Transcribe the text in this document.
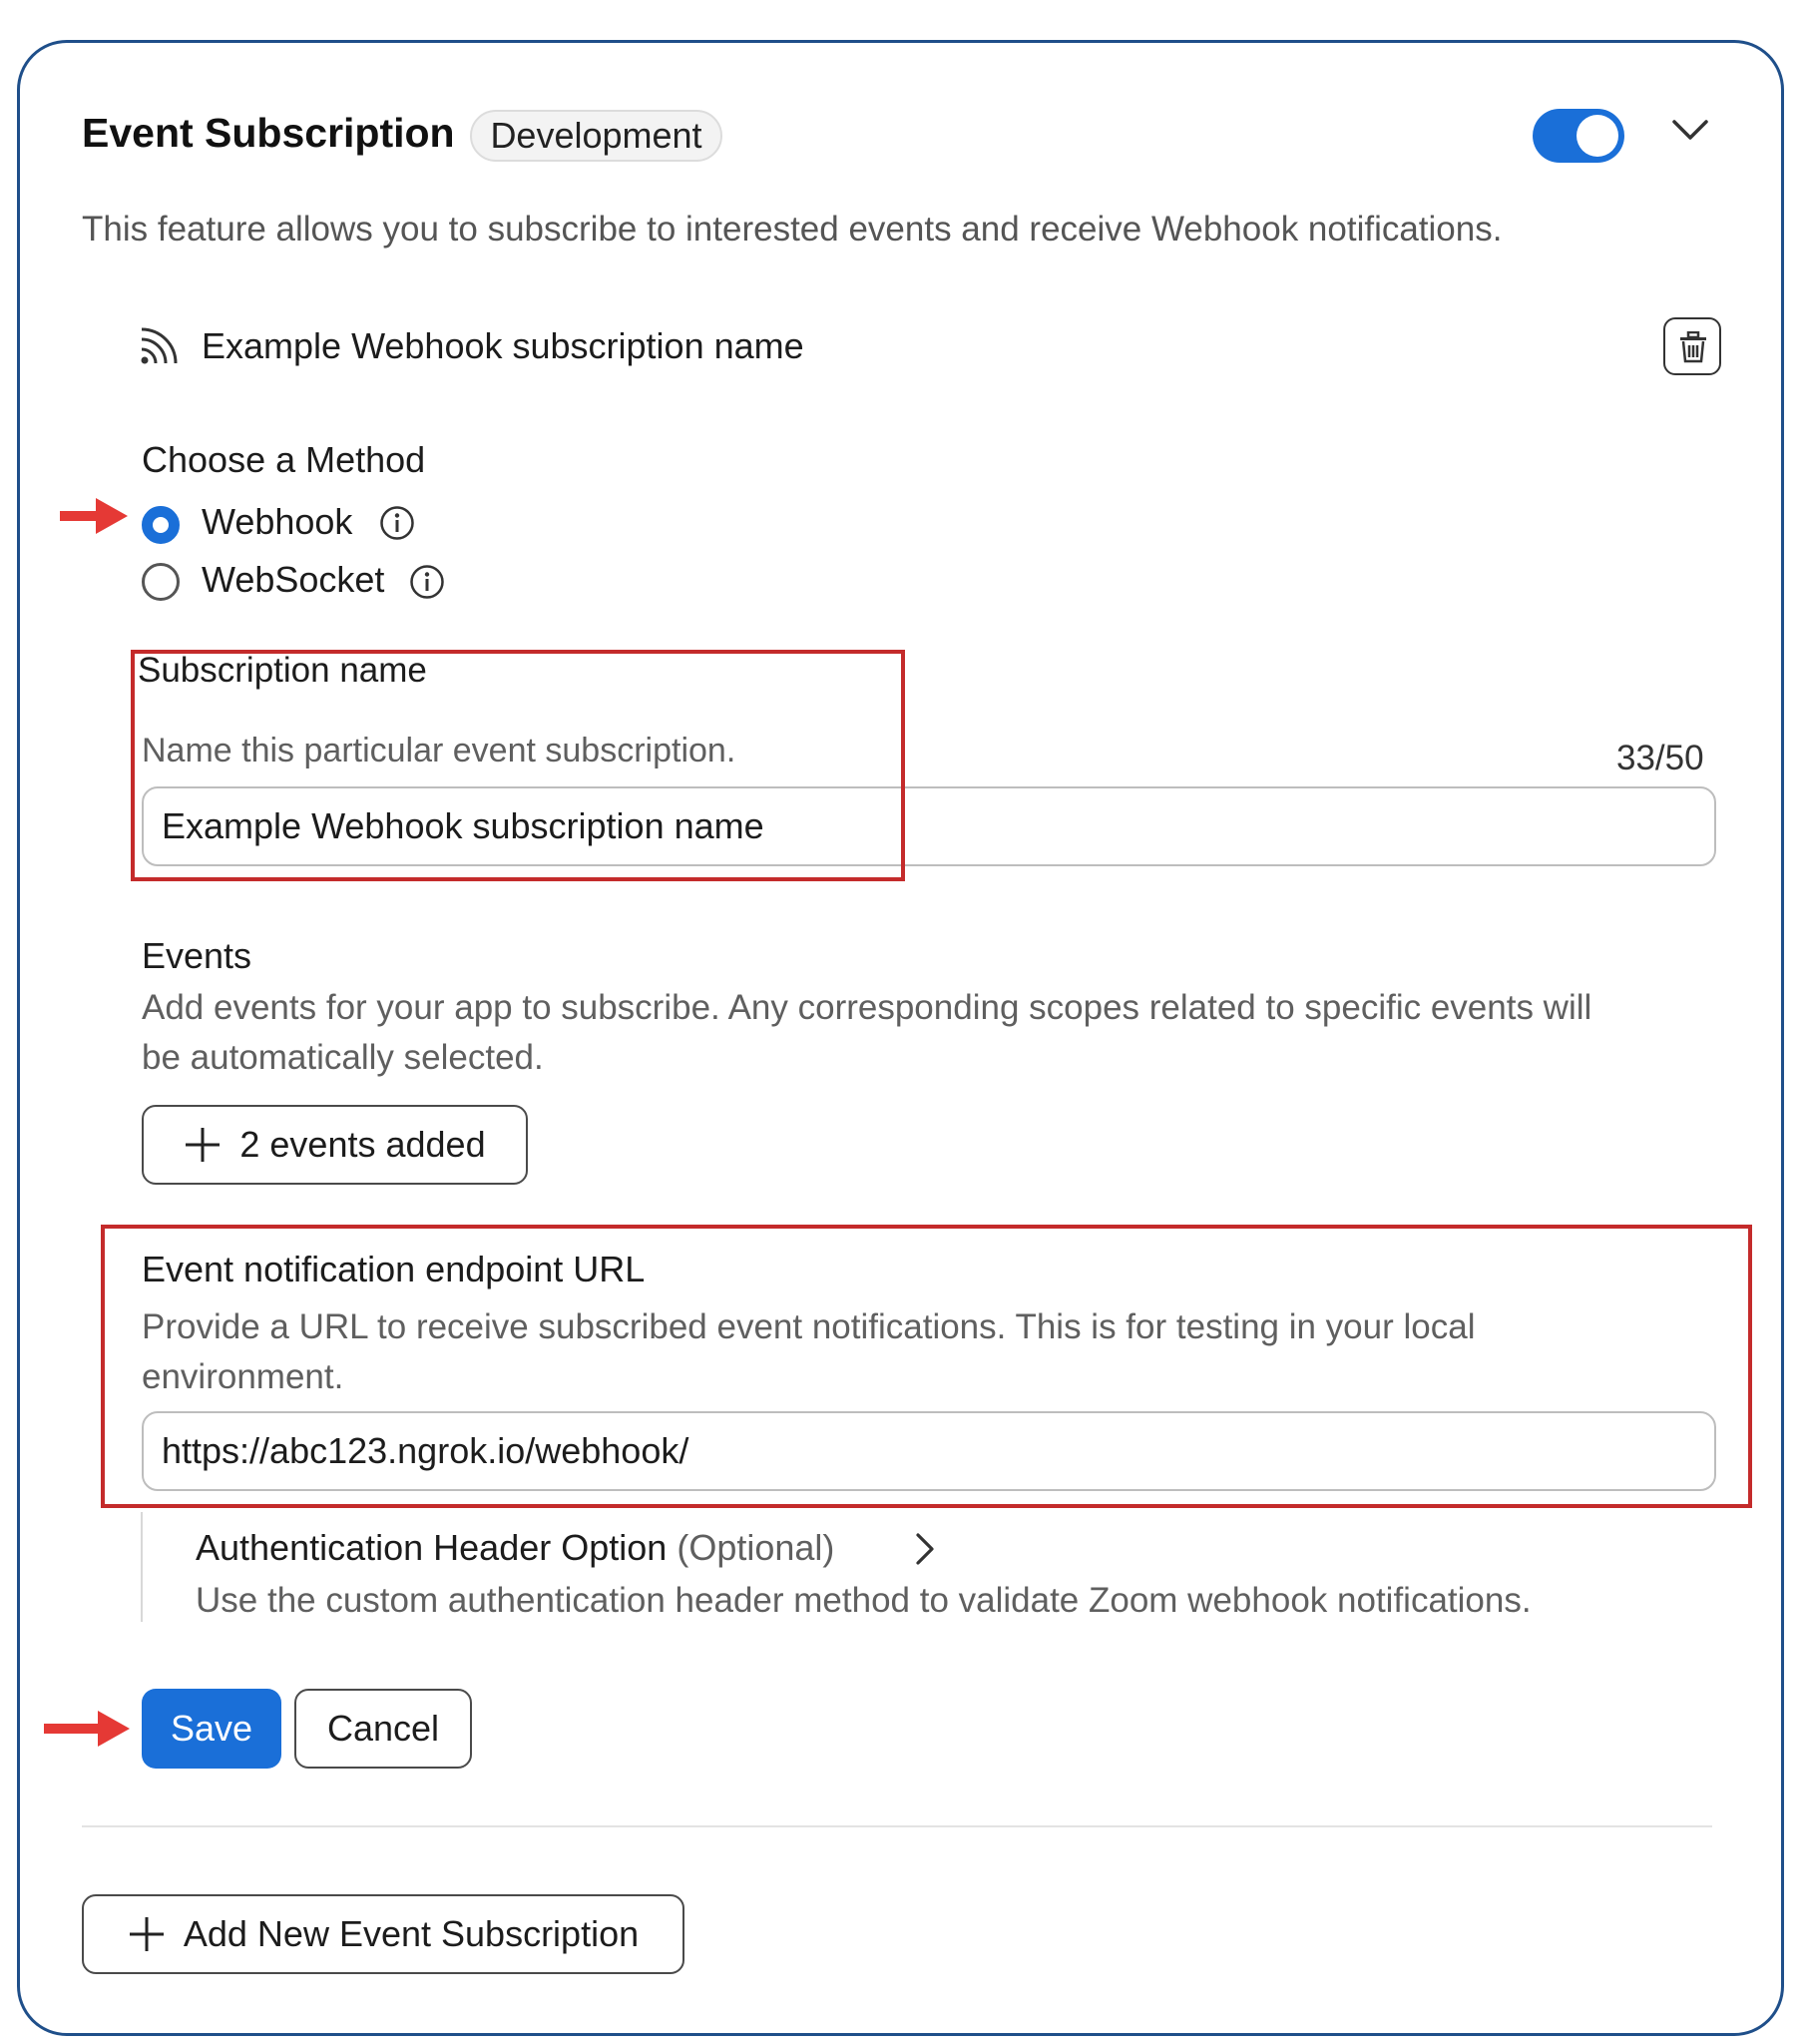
Event Subscription Development
This feature allows you to subscribe to interested events and receive Webhook notifications.
Example Webhook subscription name
Choose a Method
Webhook
WebSocket
Subscription name
Name this particular event subscription.	33/50
Example Webhook subscription name
Events
Add events for your app to subscribe. Any corresponding scopes related to specific events will
be automatically selected.
2 events added
Event notification endpoint URL
Provide a URL to receive subscribed event notifications. This is for testing in your local
environment.
https://abc123.ngrok.io/webhook/
Authentication Header Option (Optional)
Use the custom authentication header method to validate Zoom webhook notifications.
Save	Cancel
Add New Event Subscription
